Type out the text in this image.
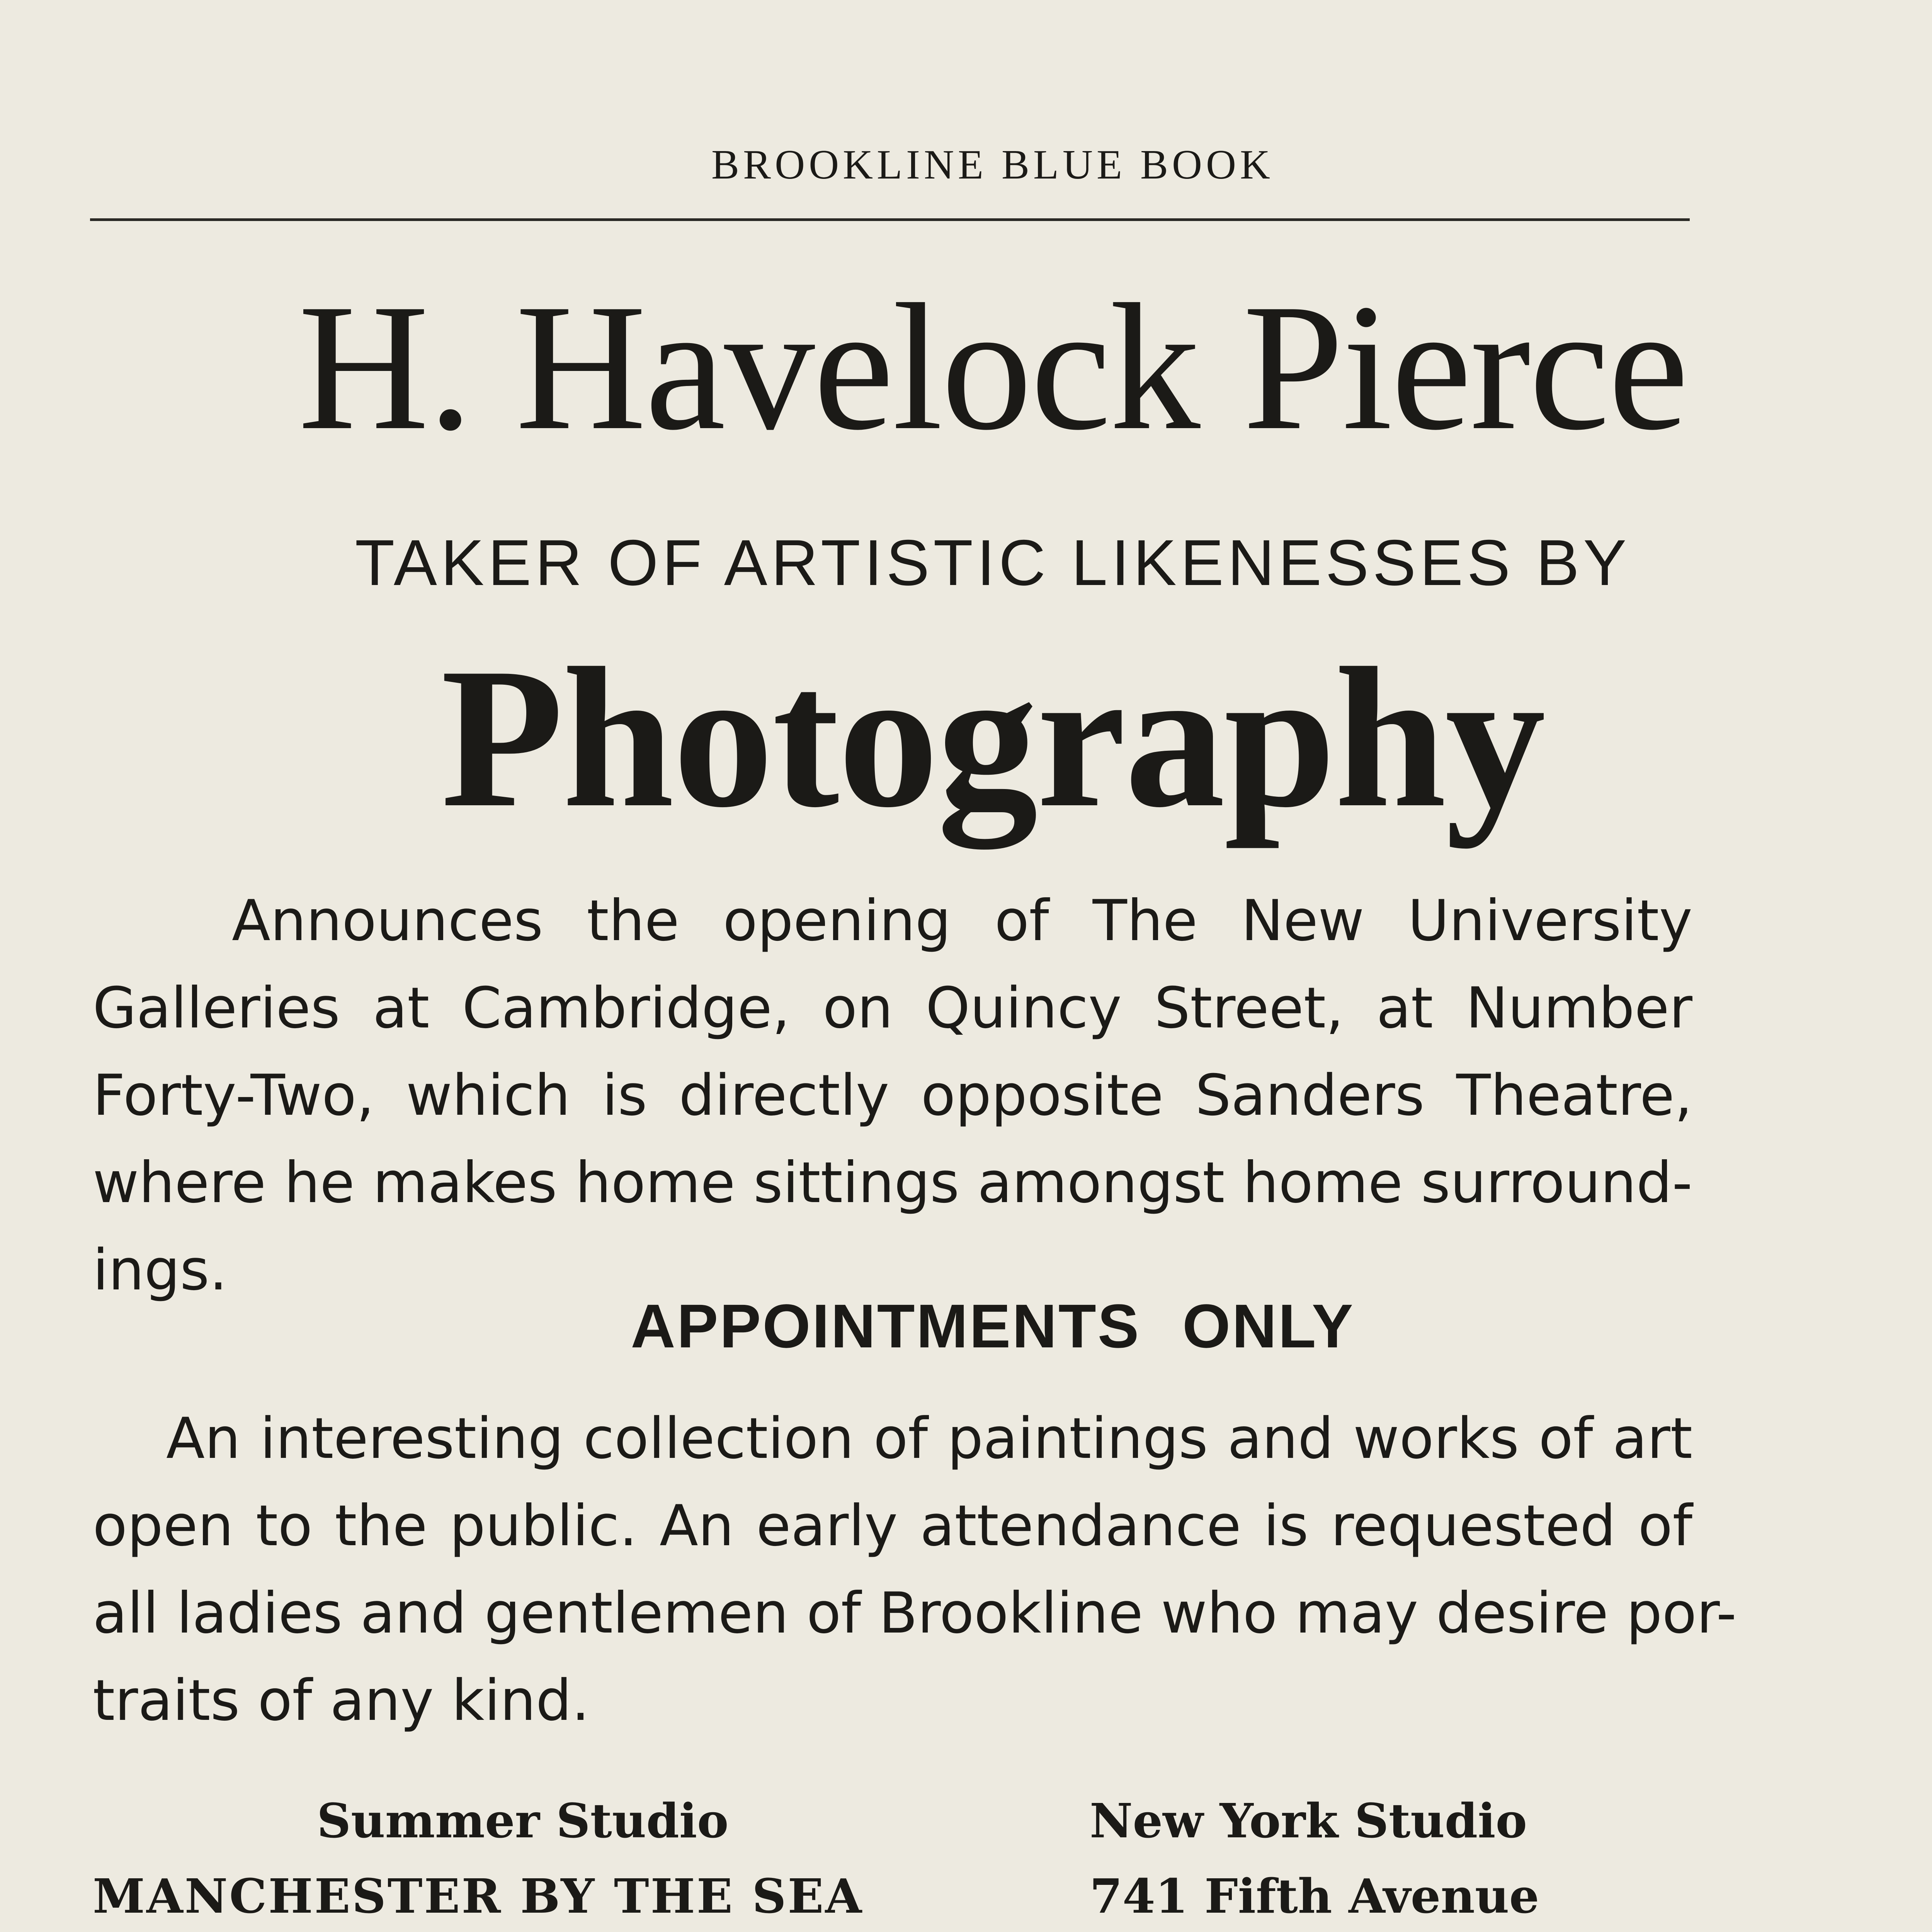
BROOKLINE BLUE BOOK
H. Havelock Pierce
TAKER OF ARTISTIC LIKENESSES BY
Photography
Announces the opening of The New University
Galleries at Cambridge, on Quincy Street, at Number
Forty-Two, which is directly opposite Sanders Theatre,
where he makes home sittings amongst home surround-
ings.
APPOINTMENTS ONLY
An interesting collection of paintings and works of art
open to the public. An early attendance is requested of
all ladies and gentlemen of Brookline who may desire por-
traits of any kind.
Summer Studio
MANCHESTER BY THE SEA
New York Studio
741 Fifth Avenue
